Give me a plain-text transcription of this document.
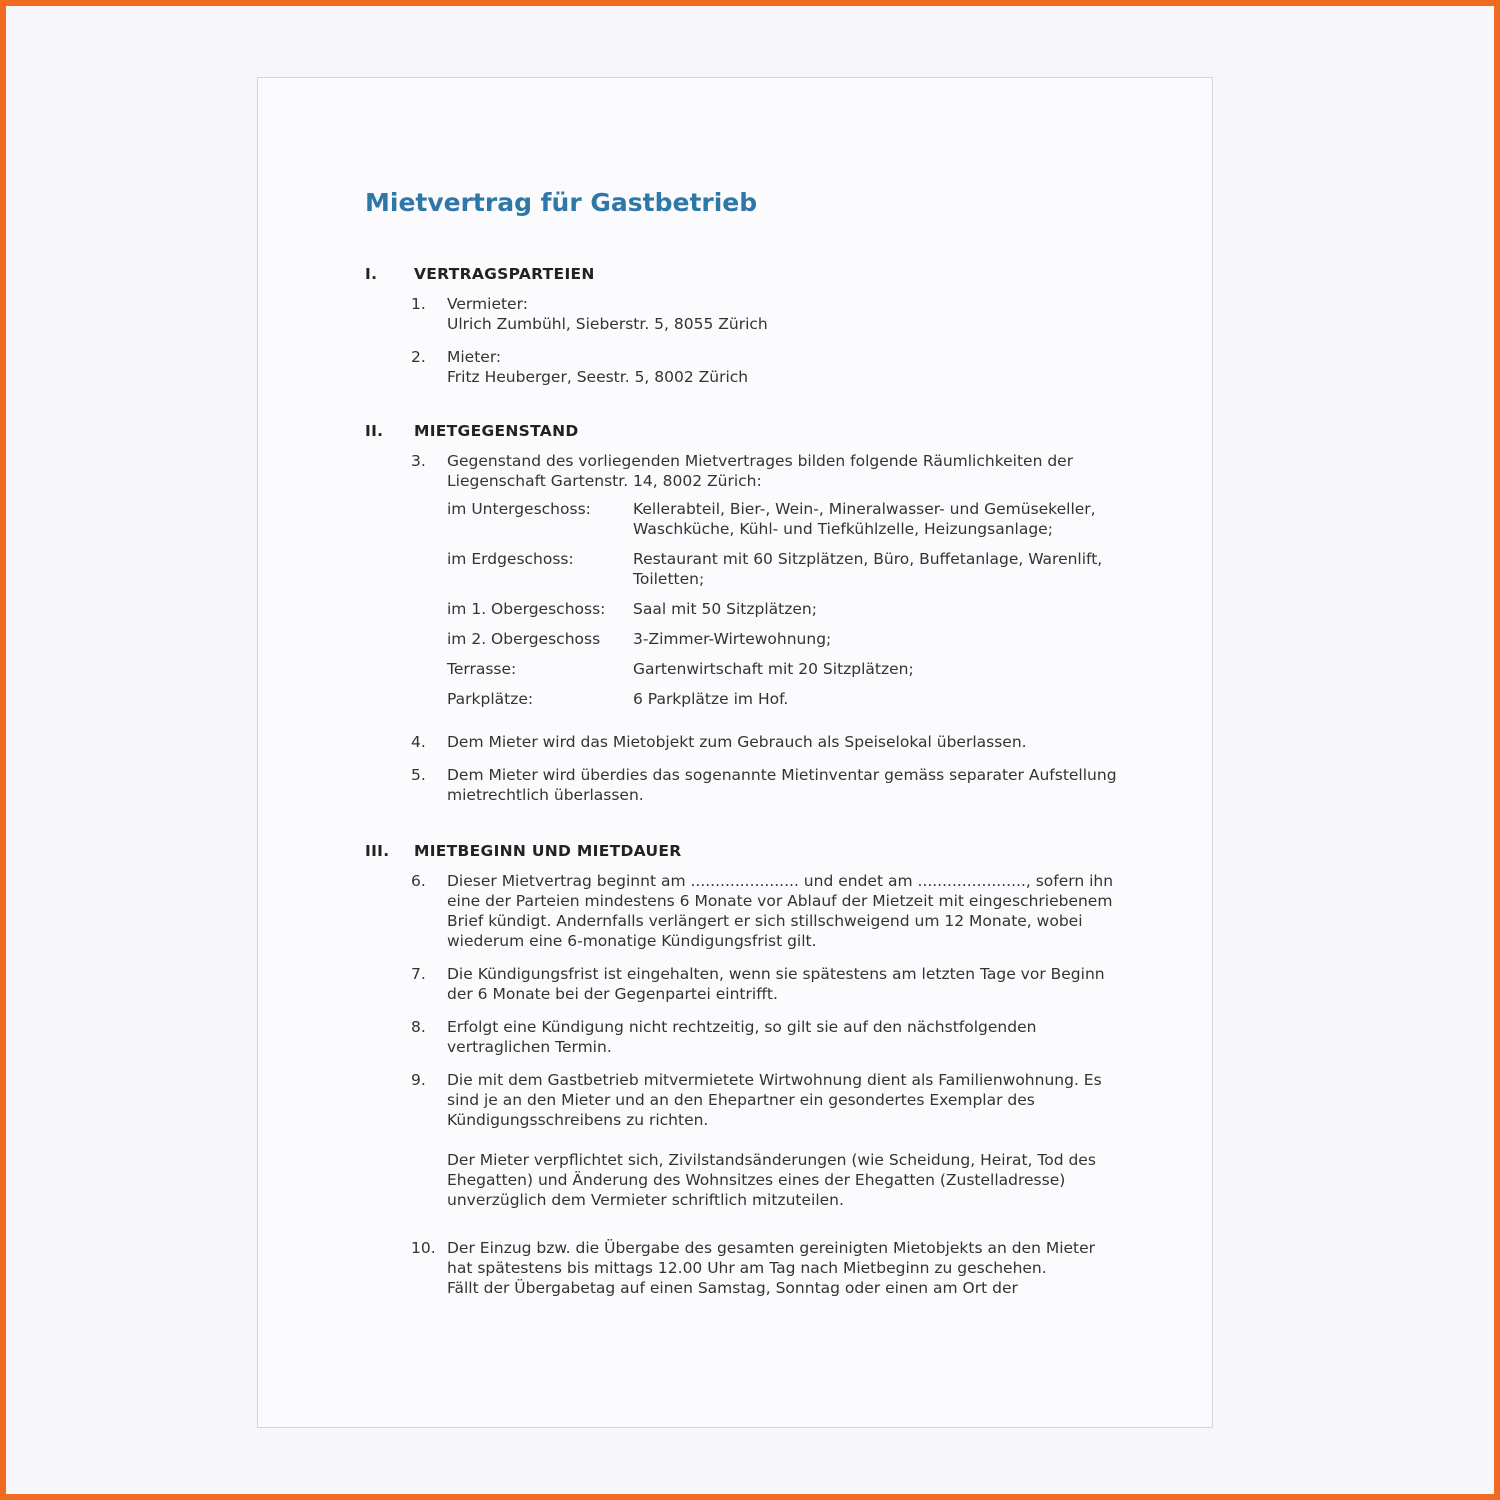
Mietvertrag für Gastbetrieb
I.	VERTRAGSPARTEIEN
1.	Vermieter:
Ulrich Zumbühl, Sieberstr. 5, 8055 Zürich
2.	Mieter:
Fritz Heuberger, Seestr. 5, 8002 Zürich
II.	MIETGEGENSTAND
3.	Gegenstand des vorliegenden Mietvertrages bilden folgende Räumlichkeiten der Liegenschaft Gartenstr. 14, 8002 Zürich:
im Untergeschoss:	Kellerabteil, Bier-, Wein-, Mineralwasser- und Gemüsekeller, Waschküche, Kühl- und Tiefkühlzelle, Heizungsanlage;
im Erdgeschoss:	Restaurant mit 60 Sitzplätzen, Büro, Buffetanlage, Warenlift, Toiletten;
im 1. Obergeschoss:	Saal mit 50 Sitzplätzen;
im 2. Obergeschoss	3-Zimmer-Wirtewohnung;
Terrasse:	Gartenwirtschaft mit 20 Sitzplätzen;
Parkplätze:	6 Parkplätze im Hof.
4.	Dem Mieter wird das Mietobjekt zum Gebrauch als Speiselokal überlassen.
5.	Dem Mieter wird überdies das sogenannte Mietinventar gemäss separater Aufstellung mietrechtlich überlassen.
III.	MIETBEGINN UND MIETDAUER
6.	Dieser Mietvertrag beginnt am ...................... und endet am ......................, sofern ihn eine der Parteien mindestens 6 Monate vor Ablauf der Mietzeit mit eingeschriebenem Brief kündigt. Andernfalls verlängert er sich stillschweigend um 12 Monate, wobei wiederum eine 6-monatige Kündigungsfrist gilt.
7.	Die Kündigungsfrist ist eingehalten, wenn sie spätestens am letzten Tage vor Beginn der 6 Monate bei der Gegenpartei eintrifft.
8.	Erfolgt eine Kündigung nicht rechtzeitig, so gilt sie auf den nächstfolgenden vertraglichen Termin.
9.	Die mit dem Gastbetrieb mitvermietete Wirtwohnung dient als Familienwohnung. Es sind je an den Mieter und an den Ehepartner ein gesondertes Exemplar des Kündigungsschreibens zu richten.
Der Mieter verpflichtet sich, Zivilstandsänderungen (wie Scheidung, Heirat, Tod des Ehegatten) und Änderung des Wohnsitzes eines der Ehegatten (Zustelladresse) unverzüglich dem Vermieter schriftlich mitzuteilen.
10. Der Einzug bzw. die Übergabe des gesamten gereinigten Mietobjekts an den Mieter hat spätestens bis mittags 12.00 Uhr am Tag nach Mietbeginn zu geschehen.
Fällt der Übergabetag auf einen Samstag, Sonntag oder einen am Ort der
